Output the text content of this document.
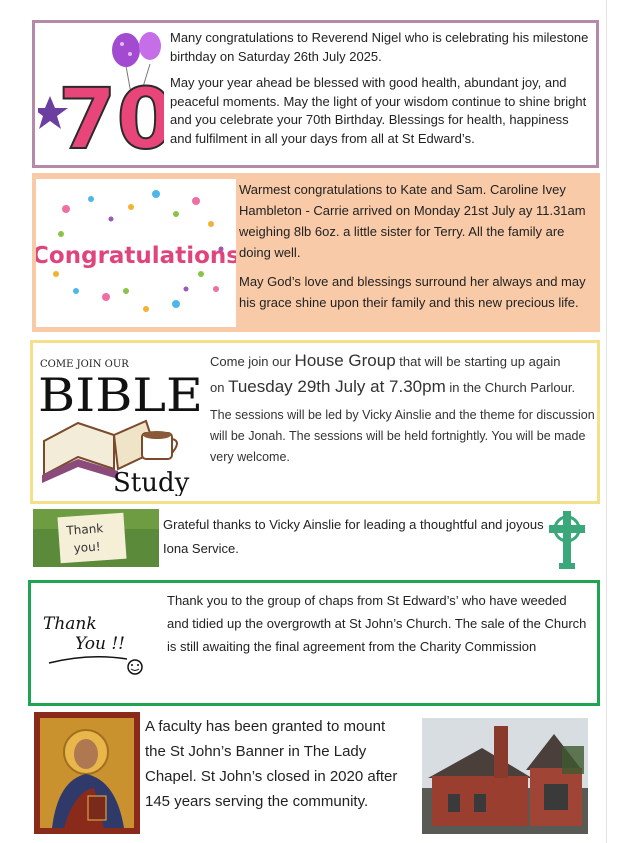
70

Many congratulations to Reverend Nigel who is celebrating his milestone birthday on Saturday 26th July 2025.

May your year ahead be blessed with good health, abundant joy, and peaceful moments. May the light of your wisdom continue to shine bright and you celebrate your 70th Birthday. Blessings for health, happiness and fulfilment in all your days from all at St Edward’s.

Congratulations

Warmest congratulations to Kate and Sam. Caroline Ivey Hambleton - Carrie arrived on Monday 21st July ay 11.31am weighing 8lb 6oz. a little sister for Terry. All the family are doing well.

May God’s love and blessings surround her always and may his grace shine upon their family and this new precious life.

COME JOIN OUR
BIBLE
Study

Come join our House Group that will be starting up again

on Tuesday 29th July at 7.30pm in the Church Parlour.

The sessions will be led by Vicky Ainslie and the theme for discussion will be Jonah. The sessions will be held fortnightly. You will be made very welcome.

Thank
you!
Grateful thanks to Vicky Ainslie for leading a thoughtful and joyous Iona Service.
Thank
You !!
Thank you to the group of chaps from St Edward’s’ who have weeded and tidied up the overgrowth at St John’s Church. The sale of the Church is still awaiting the final agreement from the Charity Commission
A faculty has been granted to mount the St John’s Banner in The Lady Chapel. St John’s closed in 2020 after 145 years serving the community.
